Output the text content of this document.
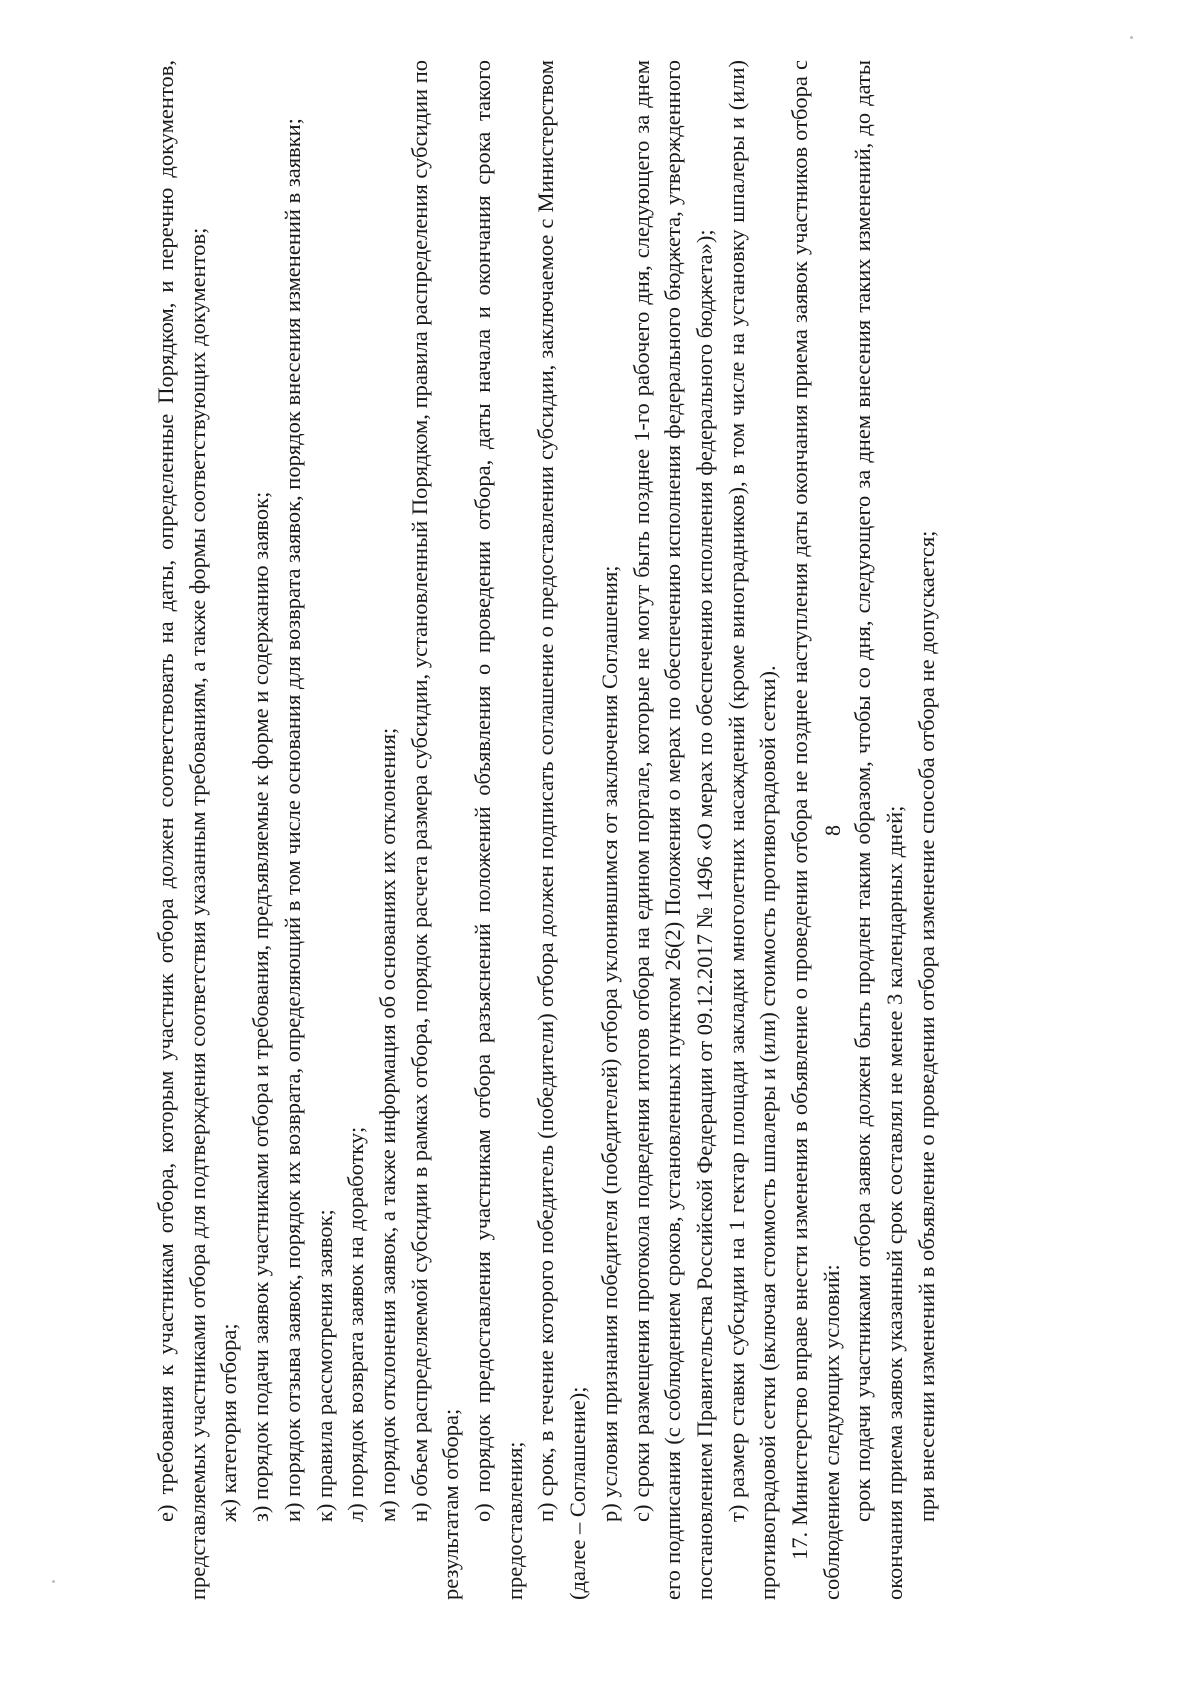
8

е) требования к участникам отбора, которым участник отбора должен соответствовать на даты, определенные Порядком, и перечню документов, представляемых участниками отбора для подтверждения соответствия указанным требованиям, а также формы соответствующих документов; ж) категория отбора; з) порядок подачи заявок участниками отбора и требования, предъявляемые к форме и содержанию заявок; и) порядок отзыва заявок, порядок их возврата, определяющий в том числе основания для возврата заявок, порядок внесения изменений в заявки; к) правила рассмотрения заявок; л) порядок возврата заявок на доработку; м) порядок отклонения заявок, а также информация об основаниях их отклонения; н) объем распределяемой субсидии в рамках отбора, порядок расчета размера субсидии, установленный Порядком, правила распределения субсидии по результатам отбора; о) порядок предоставления участникам отбора разъяснений положений объявления о проведении отбора, даты начала и окончания срока такого предоставления; п) срок, в течение которого победитель (победители) отбора должен подписать соглашение о предоставлении субсидии, заключаемое с Министерством (далее – Соглашение); р) условия признания победителя (победителей) отбора уклонившимся от заключения Соглашения; с) сроки размещения протокола подведения итогов отбора на едином портале, которые не могут быть позднее 1-го рабочего дня, следующего за днем его подписания (с соблюдением сроков, установленных пунктом 26(2) Положения о мерах по обеспечению исполнения федерального бюджета, утвержденного постановлением Правительства Российской Федерации от 09.12.2017 № 1496 «О мерах по обеспечению исполнения федерального бюджета»); т) размер ставки субсидии на 1 гектар площади закладки многолетних насаждений (кроме виноградников), в том числе на установку шпалеры и (или) противоградовой сетки (включая стоимость шпалеры и (или) стоимость противоградовой сетки). 17. Министерство вправе внести изменения в объявление о проведении отбора не позднее наступления даты окончания приема заявок участников отбора с соблюдением следующих условий: срок подачи участниками отбора заявок должен быть продлен таким образом, чтобы со дня, следующего за днем внесения таких изменений, до даты окончания приема заявок указанный срок составлял не менее 3 календарных дней; при внесении изменений в объявление о проведении отбора изменение способа отбора не допускается;
